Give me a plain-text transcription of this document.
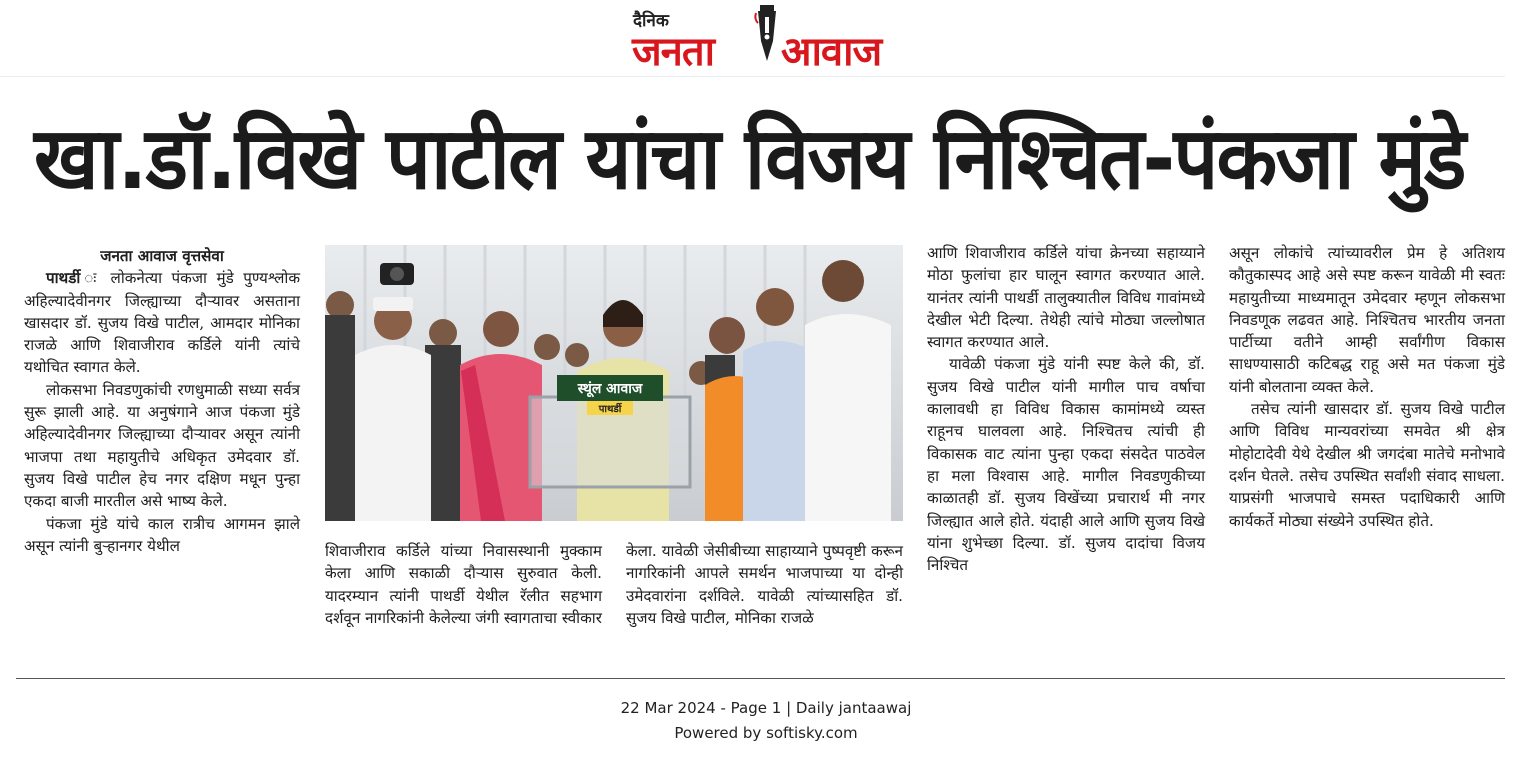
दैनिक
जनता आवाज
खा.डॉ.विखे पाटील यांचा विजय निश्चित-पंकजा मुंडे

जनता आवाज वृत्तसेवा

पाथर्डी ः लोकनेत्या पंकजा मुंडे पुण्यश्लोक अहिल्यादेवीनगर जिल्ह्याच्या दौऱ्यावर असताना खासदार डॉ. सुजय विखे पाटील, आमदार मोनिका राजळे आणि शिवाजीराव कर्डिले यांनी त्यांचे यथोचित स्वागत केले.

लोकसभा निवडणुकांची रणधुमाळी सध्या सर्वत्र सुरू झाली आहे. या अनुषंगाने आज पंकजा मुंडे अहिल्यादेवीनगर जिल्ह्याच्या दौऱ्यावर असून त्यांनी भाजपा तथा महायुतीचे अधिकृत उमेदवार डॉ. सुजय विखे पाटील हेच नगर दक्षिण मधून पुन्हा एकदा बाजी मारतील असे भाष्य केले.

पंकजा मुंडे यांचे काल रात्रीच आगमन झाले असून त्यांनी बुऱ्हानगर येथील

स्थूंल आवाज
पाथर्डी

शिवाजीराव कर्डिले यांच्या निवासस्थानी मुक्काम केला आणि सकाळी दौऱ्यास सुरुवात केली. यादरम्यान त्यांनी पाथर्डी येथील रॅलीत सहभाग दर्शवून नागरिकांनी केलेल्या जंगी स्वागताचा स्वीकार

केला. यावेळी जेसीबीच्या साहाय्याने पुष्पवृष्टी करून नागरिकांनी आपले समर्थन भाजपाच्या या दोन्ही उमेदवारांना दर्शविले. यावेळी त्यांच्यासहित डॉ. सुजय विखे पाटील, मोनिका राजळे

आणि शिवाजीराव कर्डिले यांचा क्रेनच्या सहाय्याने मोठा फुलांचा हार घालून स्वागत करण्यात आले. यानंतर त्यांनी पाथर्डी तालुक्यातील विविध गावांमध्ये देखील भेटी दिल्या. तेथेही त्यांचे मोठ्या जल्लोषात स्वागत करण्यात आले.

यावेळी पंकजा मुंडे यांनी स्पष्ट केले की, डॉ. सुजय विखे पाटील यांनी मागील पाच वर्षाचा कालावधी हा विविध विकास कामांमध्ये व्यस्त राहूनच घालवला आहे. निश्चितच त्यांची ही विकासक वाट त्यांना पुन्हा एकदा संसदेत पाठवेल हा मला विश्वास आहे. मागील निवडणुकीच्या काळातही डॉ. सुजय विखेंच्या प्रचारार्थ मी नगर जिल्ह्यात आले होते. यंदाही आले आणि सुजय विखे यांना शुभेच्छा दिल्या. डॉ. सुजय दादांचा विजय निश्चित

असून लोकांचे त्यांच्यावरील प्रेम हे अतिशय कौतुकास्पद आहे असे स्पष्ट करून यावेळी मी स्वतः महायुतीच्या माध्यमातून उमेदवार म्हणून लोकसभा निवडणूक लढवत आहे. निश्चितच भारतीय जनता पार्टीच्या वतीने आम्ही सर्वांगीण विकास साधण्यासाठी कटिबद्ध राहू असे मत पंकजा मुंडे यांनी बोलताना व्यक्त केले.

तसेच त्यांनी खासदार डॉ. सुजय विखे पाटील आणि विविध मान्यवरांच्या समवेत श्री क्षेत्र मोहोटादेवी येथे देखील श्री जगदंबा मातेचे मनोभावे दर्शन घेतले. तसेच उपस्थित सर्वांशी संवाद साधला. याप्रसंगी भाजपाचे समस्त पदाधिकारी आणि कार्यकर्ते मोठ्या संख्येने उपस्थित होते.

22 Mar 2024 - Page 1 | Daily jantaawaj
Powered by softisky.com
